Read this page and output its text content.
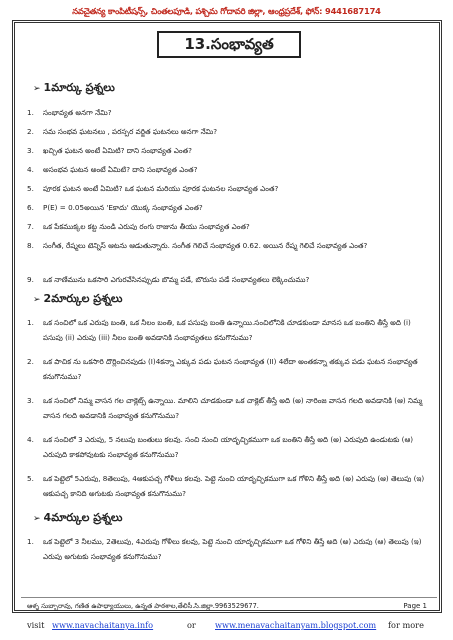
నవచైతన్య కాంపిటీషన్స్, చింతలపూడి, పశ్చిమ గోదావరి జిల్లా, ఆంధ్రప్రదేశ్, ఫోన్: 9441687174
13.సంభావ్యత
➢ 1మార్కు ప్రశ్నలు
1. సంభావ్యత అనగా నేమి?
2. సమ సంభవ ఘటనలు , పరస్పర వర్జిత ఘటనలు అనగా నేమి?
3. ఖచ్చిత ఘటన అంటే ఏమిటి? దాని సంభావ్యత ఎంత?
4. అసంభవ ఘటన అంటే ఏమిటి? దాని సంభావ్యత ఎంత?
5. పూరక ఘటన అంటే ఏమిటి? ఒక ఘటన మరియు పూరక ఘటనల సంభావ్యత ఎంత?
6. P(E) = 0.05అయిన 'Eకాదు' యొక్క సంభావ్యత ఎంత?
7. ఒక పేకముక్కల కట్ట నుండి ఎరుపు రంగు రాజును తీయు సంభావ్యత ఎంత?
8. సంగీత, రేష్మలు టెన్నిస్ ఆటను ఆడుతున్నారు. సంగీత గెలిచే సంభావ్యత 0.62. అయిన రేష్మ గెలిచే సంభావ్యత ఎంత?
9. ఒక నాణేమును ఒకసారి ఎగురవేసినప్పుడు బొమ్మ పడే, బొరుసు పడే సంభావ్యతలు లెక్కించుము?
➢ 2మార్కుల ప్రశ్నలు
1. ఒక సంచిలో ఒక ఎరుపు బంతి, ఒక నీలం బంతి, ఒక పసుపు బంతి ఉన్నాయి.సంచిలోనికి చూడకుండా మానస ఒక బంతిని తీస్తే అది (i) పసుపు (ii) ఎరుపు (iii) నీలం బంతి అవడానికి సంభావ్యతలు కనుగొనుము?
2. ఒక పాచిక ను ఒకసారి దొర్లించినపుడు (I)4కన్నా ఎక్కువ పడు ఘటన సంభావ్యత (II) 4లేదా అంతకన్నా తక్కువ పడు ఘటన సంభావ్యత కనుగొనుము?
3. ఒక సంచిలో నిమ్మ వాసన గల చాక్లెట్స్ ఉన్నాయి. మాలిని చూడకుండా ఒక చాక్లెట్ తీస్తే అది (అ) నారింజ వాసన గలది అవడానికి (ఆ) నిమ్మ వాసన గలది అవడానికి సంభావ్యత కనుగొనుము?
4. ఒక సంచిలో 3 ఎరుపు, 5 నలుపు బంతులు కలవు. సంచి నుంచి యాదృచ్ఛికముగా ఒక బంతిని తీస్తే అది (అ) ఎరుపుది ఉండుటకు (ఆ) ఎరుపుది కాకపోవుటకు సంభావ్యత కనుగొనుము?
5. ఒక పెట్టెలో 5ఎరుపు, 8తెలుపు, 4ఆకుపచ్చ గోళీలు కలవు. పెట్టె నుంచి యాదృచ్ఛికముగా ఒక గోళిని తీస్తే అది (అ) ఎరుపు (ఆ) తెలుపు (ఇ) ఆకుపచ్చ కానిది అగుటకు సంభావ్యత కనుగొనుము?
➢ 4మార్కుల ప్రశ్నలు
1. ఒక పెట్టెలో 3 నీలము, 2తెలుపు, 4ఎరుపు గోళీలు కలవు, పెట్టె నుంచి యాదృచ్ఛికముగా ఒక గోళిని తీస్తే అది (అ) ఎరుపు (ఆ) తెలుపు (ఇ) ఎరుపు అగుటకు సంభావ్యత కనుగొనుము?
ఆళ్ళ సుబ్బారావు, గణిత ఉపాధ్యాయులు, ఉన్నత పాఠశాల,తేలిసీ.సి.జిల్లా.9963529677.	Page 1
visit www.navachaitanya.info	or www.menavachaitanyam.blogspot.com for more
